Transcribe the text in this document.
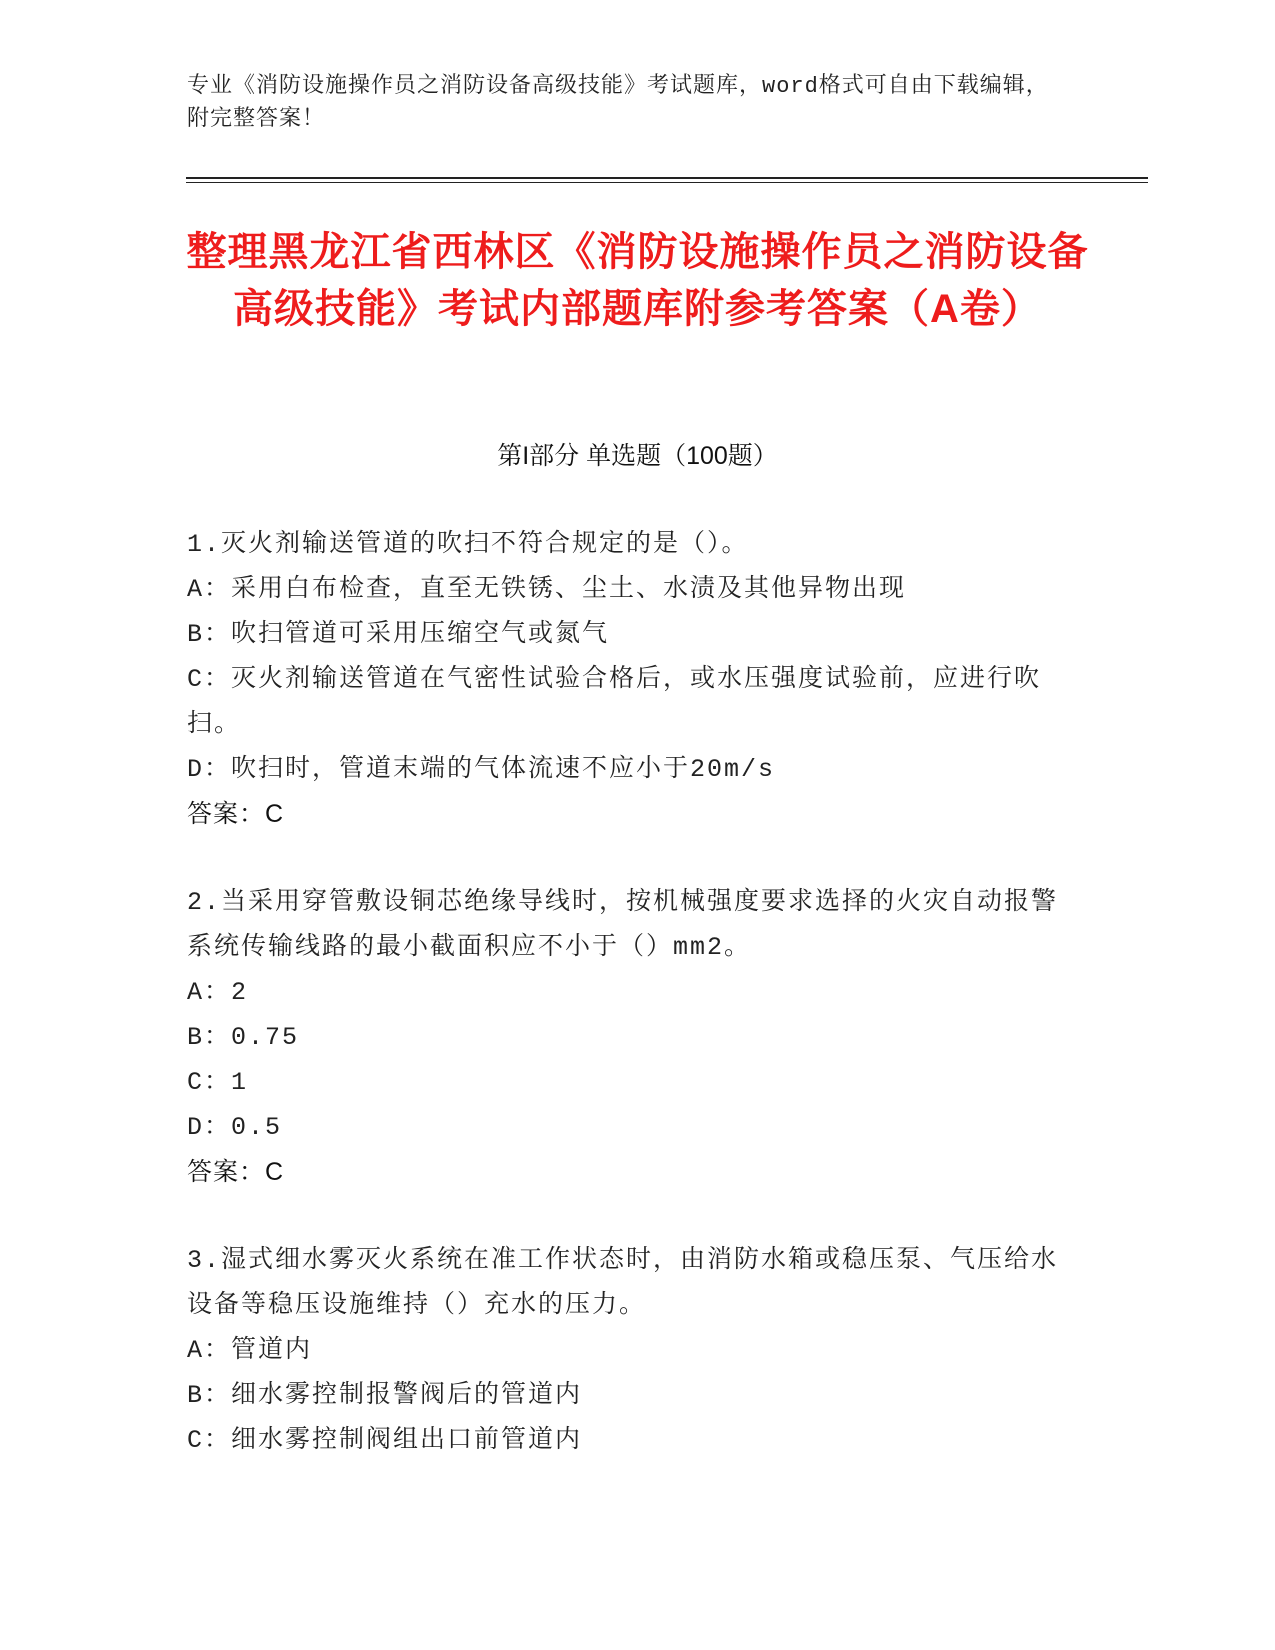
专业《消防设施操作员之消防设备高级技能》考试题库，word格式可自由下载编辑，附完整答案！
整理黑龙江省西林区《消防设施操作员之消防设备高级技能》考试内部题库附参考答案（A卷）
第I部分 单选题（100题）

1.灭火剂输送管道的吹扫不符合规定的是（）。

A：采用白布检查，直至无铁锈、尘土、水渍及其他异物出现

B：吹扫管道可采用压缩空气或氮气

C：灭火剂输送管道在气密性试验合格后，或水压强度试验前，应进行吹扫。

D：吹扫时，管道末端的气体流速不应小于20m/s

答案：C

2.当采用穿管敷设铜芯绝缘导线时，按机械强度要求选择的火灾自动报警系统传输线路的最小截面积应不小于（）mm2。

A：2

B：0.75

C：1

D：0.5

答案：C

3.湿式细水雾灭火系统在准工作状态时，由消防水箱或稳压泵、气压给水设备等稳压设施维持（）充水的压力。

A：管道内

B：细水雾控制报警阀后的管道内

C：细水雾控制阀组出口前管道内
